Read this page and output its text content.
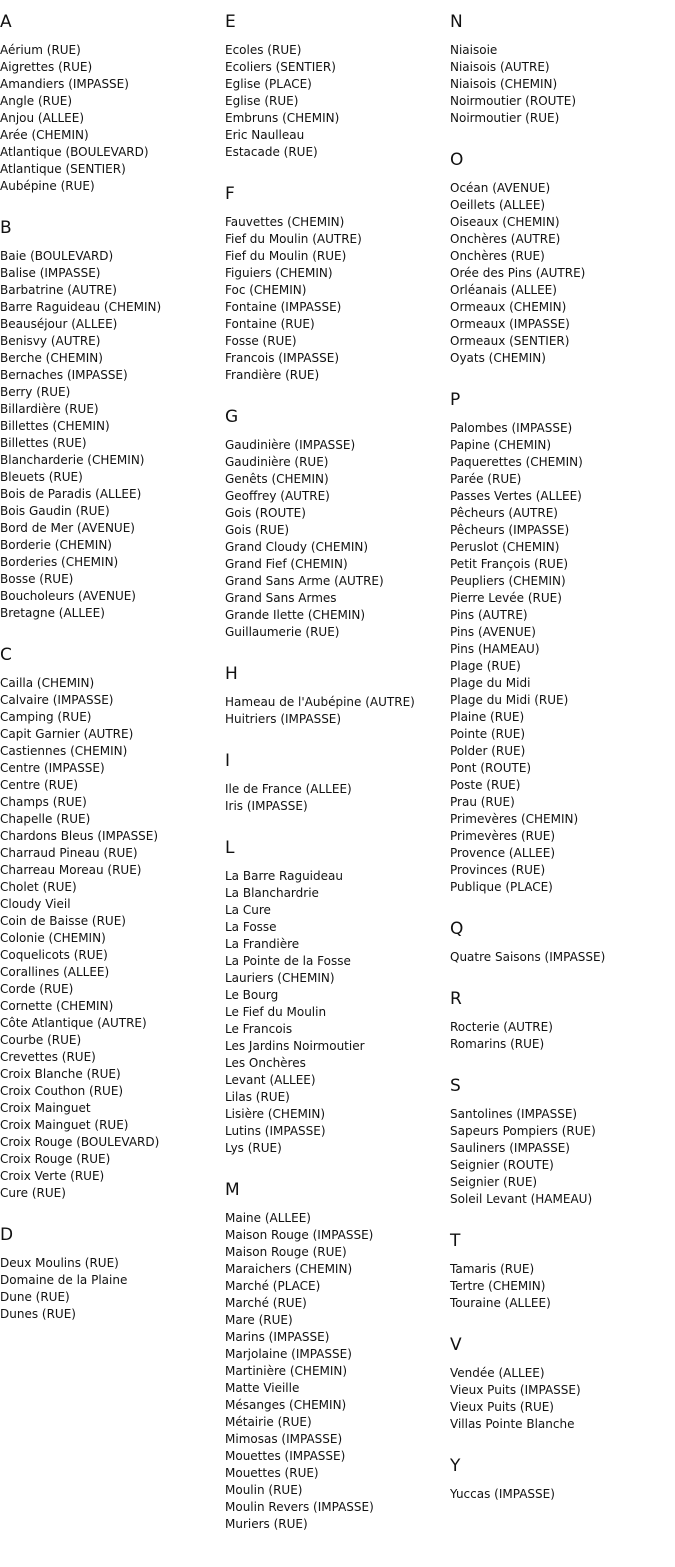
A
Aérium (RUE)
Aigrettes (RUE)
Amandiers (IMPASSE)
Angle (RUE)
Anjou (ALLEE)
Arée (CHEMIN)
Atlantique (BOULEVARD)
Atlantique (SENTIER)
Aubépine (RUE)
B
Baie (BOULEVARD)
Balise (IMPASSE)
Barbatrine (AUTRE)
Barre Raguideau (CHEMIN)
Beauséjour (ALLEE)
Benisvy (AUTRE)
Berche (CHEMIN)
Bernaches (IMPASSE)
Berry (RUE)
Billardière (RUE)
Billettes (CHEMIN)
Billettes (RUE)
Blancharderie (CHEMIN)
Bleuets (RUE)
Bois de Paradis (ALLEE)
Bois Gaudin (RUE)
Bord de Mer (AVENUE)
Borderie (CHEMIN)
Borderies (CHEMIN)
Bosse (RUE)
Boucholeurs (AVENUE)
Bretagne (ALLEE)
C
Cailla (CHEMIN)
Calvaire (IMPASSE)
Camping (RUE)
Capit Garnier (AUTRE)
Castiennes (CHEMIN)
Centre (IMPASSE)
Centre (RUE)
Champs (RUE)
Chapelle (RUE)
Chardons Bleus (IMPASSE)
Charraud Pineau (RUE)
Charreau Moreau (RUE)
Cholet (RUE)
Cloudy Vieil
Coin de Baisse (RUE)
Colonie (CHEMIN)
Coquelicots (RUE)
Corallines (ALLEE)
Corde (RUE)
Cornette (CHEMIN)
Côte Atlantique (AUTRE)
Courbe (RUE)
Crevettes (RUE)
Croix Blanche (RUE)
Croix Couthon (RUE)
Croix Mainguet
Croix Mainguet (RUE)
Croix Rouge (BOULEVARD)
Croix Rouge (RUE)
Croix Verte (RUE)
Cure (RUE)
D
Deux Moulins (RUE)
Domaine de la Plaine
Dune (RUE)
Dunes (RUE)
E
Ecoles (RUE)
Ecoliers (SENTIER)
Eglise (PLACE)
Eglise (RUE)
Embruns (CHEMIN)
Eric Naulleau
Estacade (RUE)
F
Fauvettes (CHEMIN)
Fief du Moulin (AUTRE)
Fief du Moulin (RUE)
Figuiers (CHEMIN)
Foc (CHEMIN)
Fontaine (IMPASSE)
Fontaine (RUE)
Fosse (RUE)
Francois (IMPASSE)
Frandière (RUE)
G
Gaudinière (IMPASSE)
Gaudinière (RUE)
Genêts (CHEMIN)
Geoffrey (AUTRE)
Gois (ROUTE)
Gois (RUE)
Grand Cloudy (CHEMIN)
Grand Fief (CHEMIN)
Grand Sans Arme (AUTRE)
Grand Sans Armes
Grande Ilette (CHEMIN)
Guillaumerie (RUE)
H
Hameau de l'Aubépine (AUTRE)
Huitriers (IMPASSE)
I
Ile de France (ALLEE)
Iris (IMPASSE)
L
La Barre Raguideau
La Blanchardrie
La Cure
La Fosse
La Frandière
La Pointe de la Fosse
Lauriers (CHEMIN)
Le Bourg
Le Fief du Moulin
Le Francois
Les Jardins Noirmoutier
Les Onchères
Levant (ALLEE)
Lilas (RUE)
Lisière (CHEMIN)
Lutins (IMPASSE)
Lys (RUE)
M
Maine (ALLEE)
Maison Rouge (IMPASSE)
Maison Rouge (RUE)
Maraichers (CHEMIN)
Marché (PLACE)
Marché (RUE)
Mare (RUE)
Marins (IMPASSE)
Marjolaine (IMPASSE)
Martinière (CHEMIN)
Matte Vieille
Mésanges (CHEMIN)
Métairie (RUE)
Mimosas (IMPASSE)
Mouettes (IMPASSE)
Mouettes (RUE)
Moulin (RUE)
Moulin Revers (IMPASSE)
Muriers (RUE)
N
Niaisoie
Niaisois (AUTRE)
Niaisois (CHEMIN)
Noirmoutier (ROUTE)
Noirmoutier (RUE)
O
Océan (AVENUE)
Oeillets (ALLEE)
Oiseaux (CHEMIN)
Onchères (AUTRE)
Onchères (RUE)
Orée des Pins (AUTRE)
Orléanais (ALLEE)
Ormeaux (CHEMIN)
Ormeaux (IMPASSE)
Ormeaux (SENTIER)
Oyats (CHEMIN)
P
Palombes (IMPASSE)
Papine (CHEMIN)
Paquerettes (CHEMIN)
Parée (RUE)
Passes Vertes (ALLEE)
Pêcheurs (AUTRE)
Pêcheurs (IMPASSE)
Peruslot (CHEMIN)
Petit François (RUE)
Peupliers (CHEMIN)
Pierre Levée (RUE)
Pins (AUTRE)
Pins (AVENUE)
Pins (HAMEAU)
Plage (RUE)
Plage du Midi
Plage du Midi (RUE)
Plaine (RUE)
Pointe (RUE)
Polder (RUE)
Pont (ROUTE)
Poste (RUE)
Prau (RUE)
Primevères (CHEMIN)
Primevères (RUE)
Provence (ALLEE)
Provinces (RUE)
Publique (PLACE)
Q
Quatre Saisons (IMPASSE)
R
Rocterie (AUTRE)
Romarins (RUE)
S
Santolines (IMPASSE)
Sapeurs Pompiers (RUE)
Sauliners (IMPASSE)
Seignier (ROUTE)
Seignier (RUE)
Soleil Levant (HAMEAU)
T
Tamaris (RUE)
Tertre (CHEMIN)
Touraine (ALLEE)
V
Vendée (ALLEE)
Vieux Puits (IMPASSE)
Vieux Puits (RUE)
Villas Pointe Blanche
Y
Yuccas (IMPASSE)
